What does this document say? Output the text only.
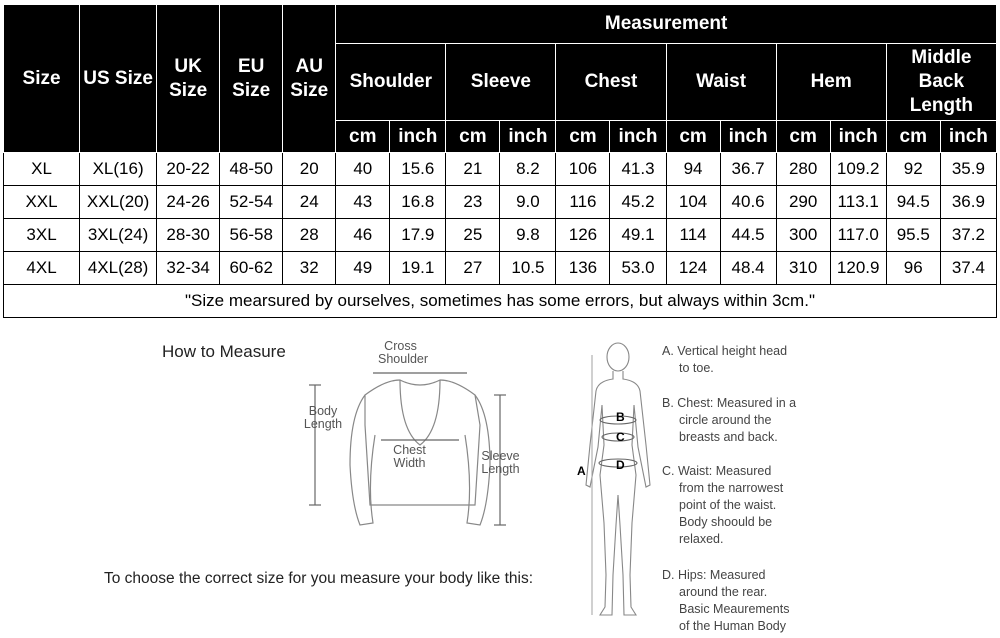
Size	US Size	UK Size	EU Size	AU Size	Measurement											
					Shoulder		Sleeve		Chest		Waist		Hem		Middle Back Length	
					cm	inch	cm	inch	cm	inch	cm	inch	cm	inch	cm	inch
XL	XL(16)	20-22	48-50	20	40	15.6	21	8.2	106	41.3	94	36.7	280	109.2	92	35.9
XXL	XXL(20)	24-26	52-54	24	43	16.8	23	9.0	116	45.2	104	40.6	290	113.1	94.5	36.9
3XL	3XL(24)	28-30	56-58	28	46	17.9	25	9.8	126	49.1	114	44.5	300	117.0	95.5	37.2
4XL	4XL(28)	32-34	60-62	32	49	19.1	27	10.5	136	53.0	124	48.4	310	120.9	96	37.4
"Size mearsured by ourselves, sometimes has some errors, but always within 3cm."																
How to Measure	Cross Shoulder
Body Length
Chest Width	Sleeve Length	A
B
C
D
A. Vertical height head
to toe.
B. Chest: Measured in a
circle around the
breasts and back.
C. Waist: Measured
from the narrowest
point of the waist.
Body shoould be
relaxed.
D. Hips: Measured
around the rear.
Basic Meaurements
of the Human Body
To choose the correct size for you measure your body like this:
